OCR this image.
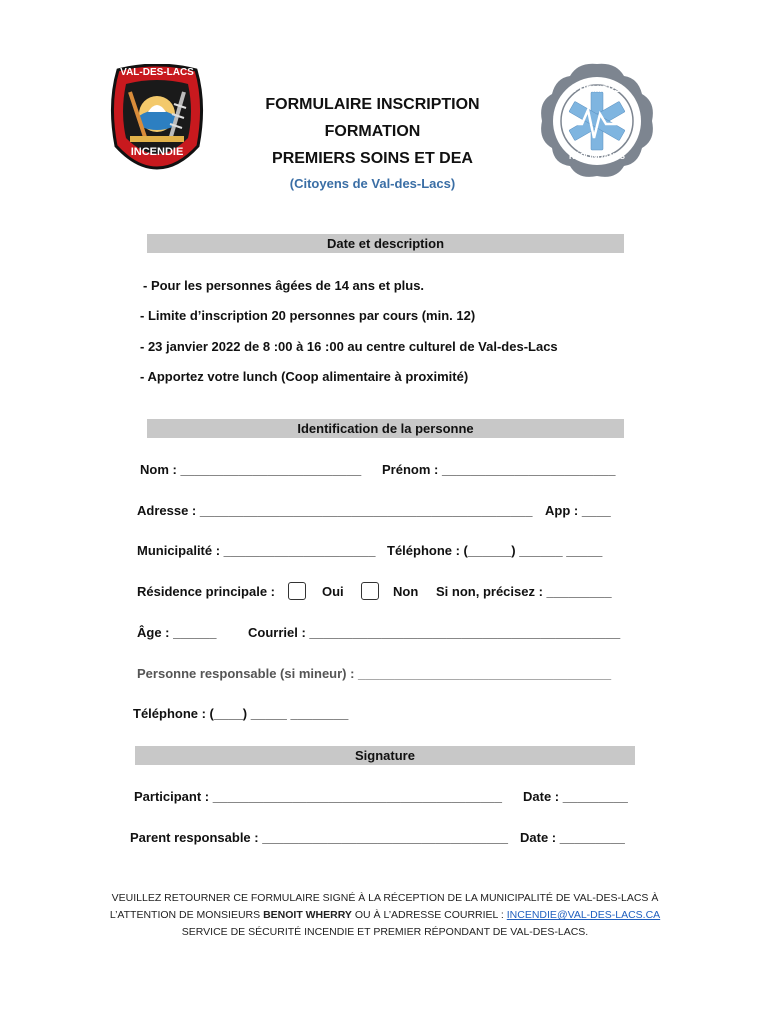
VAL-DES-LACS
INCENDIE
PREMIERS
RÉPONDANTS
FORMULAIRE INSCRIPTION
FORMATION
PREMIERS SOINS ET DEA
(Citoyens de Val-des-Lacs)
Date et description
- Pour les personnes âgées de 14 ans et plus.
- Limite d’inscription 20 personnes par cours (min. 12)
- 23 janvier 2022 de 8 :00 à 16 :00 au centre culturel de Val-des-Lacs
- Apportez votre lunch (Coop alimentaire à proximité)
Identification de la personne
Nom : _________________________ Prénom : ________________________
Adresse : ______________________________________________ App : ____
Municipalité : _____________________ Téléphone : (______) ______ _____
Résidence principale :	Oui	Non Si non, précisez : _________
Âge : ______ Courriel : ___________________________________________
Personne responsable (si mineur) : ___________________________________
Téléphone : (____) _____ ________
Signature
Participant : ________________________________________ Date : _________
Parent responsable : __________________________________ Date : _________
VEUILLEZ RETOURNER CE FORMULAIRE SIGNÉ À LA RÉCEPTION DE LA MUNICIPALITÉ DE VAL-DES-LACS À
L’ATTENTION DE MONSIEURS BENOIT WHERRY OU À L’ADRESSE COURRIEL : INCENDIE@VAL-DES-LACS.CA
SERVICE DE SÉCURITÉ INCENDIE ET PREMIER RÉPONDANT DE VAL-DES-LACS.
